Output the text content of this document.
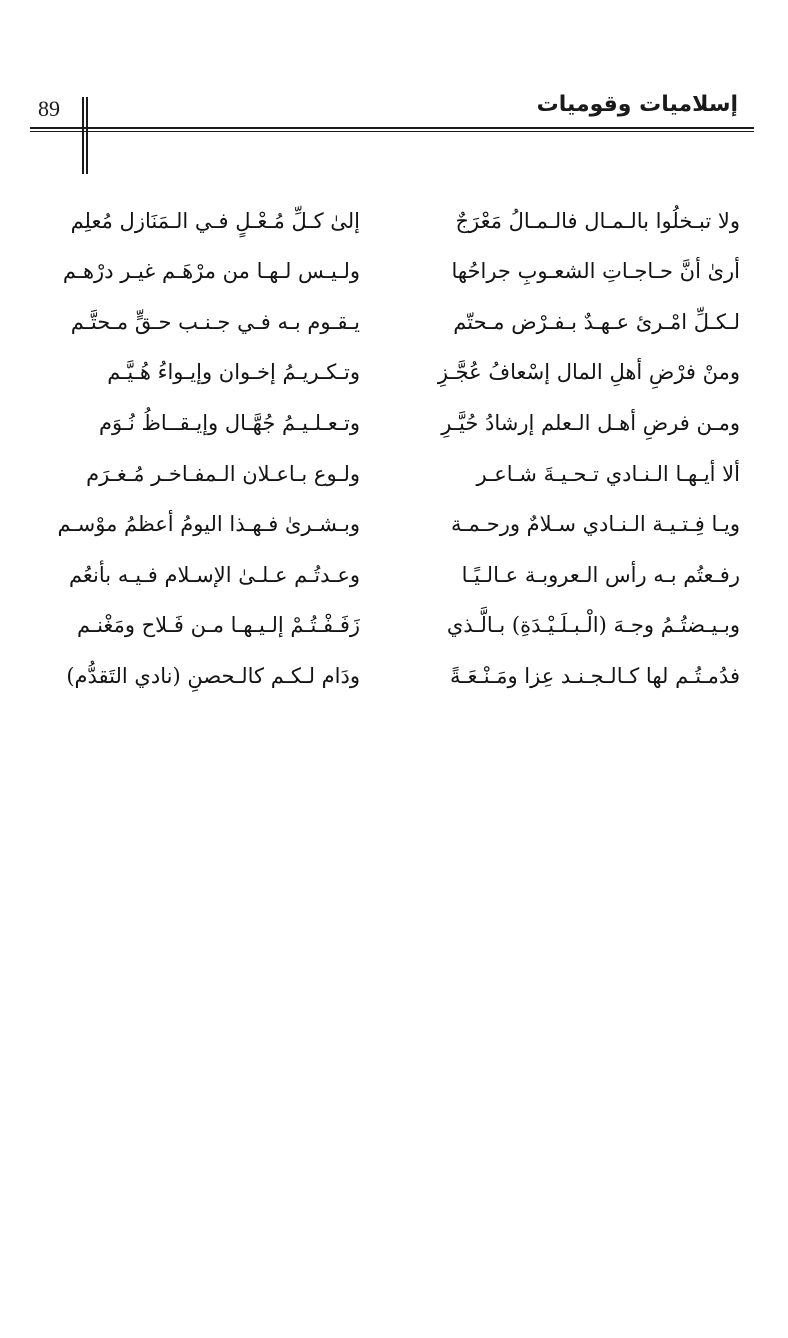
89	إسلاميات وقوميات
ولا تبـخلُوا بالـمـال فالـمـالُ مَعْرَجٌ
إلىٰ كـلِّ مُـعْـلٍ فـي الـمَنَازل مُعلِم
أرىٰ أنَّ حـاجـاتِ الشعـوبِ جراحُها
ولـيـس لـهـا من مرْهَـم غيـر درْهـم
لـكـلِّ امْـرئ عـهـدٌ بـفـرْض مـحتّم
يـقـوم بـه فـي جـنـب حـقٍّ مـحتَّـم
ومنْ فرْضِ أهلِ المال إسْعافُ عُجَّـزِ
وتـكـريـمُ إخـوان وإيـواءُ هُـيَّـم
ومـن فرضِ أهـل الـعلم إرشادُ حُيَّـرِ
وتـعـلـيـمُ جُهَّـال وإيـقــاظُ نُـوَم
ألا أيـهـا الـنـادي تـحـيـةَ شـاعـر
ولـوع بـاعـلان الـمفـاخـر مُـغـرَم
ويـا فِـتـيـة الـنـادي سـلامٌ ورحـمـة
وبـشـرىٰ فـهـذا اليومُ أعظمُ موْسـم
رفـعتُم بـه رأس الـعروبـة عـالـيًـا
وعـدتُـم عـلـىٰ الإسـلام فـيـه بأنعُم
وبـيـضتُـمُ وجـهَ (الْـبـلَـيْـدَةِ) بـالَّـذي
زَفَـفْـتُـمْ إلـيـهـا مـن فَـلاح ومَغْنـم
فدُمـتُـم لها كـالـجـنـد عِزا ومَـنْـعَـةً
ودَام لـكـم كالـحصنِ (نادي التَقدُّم)
